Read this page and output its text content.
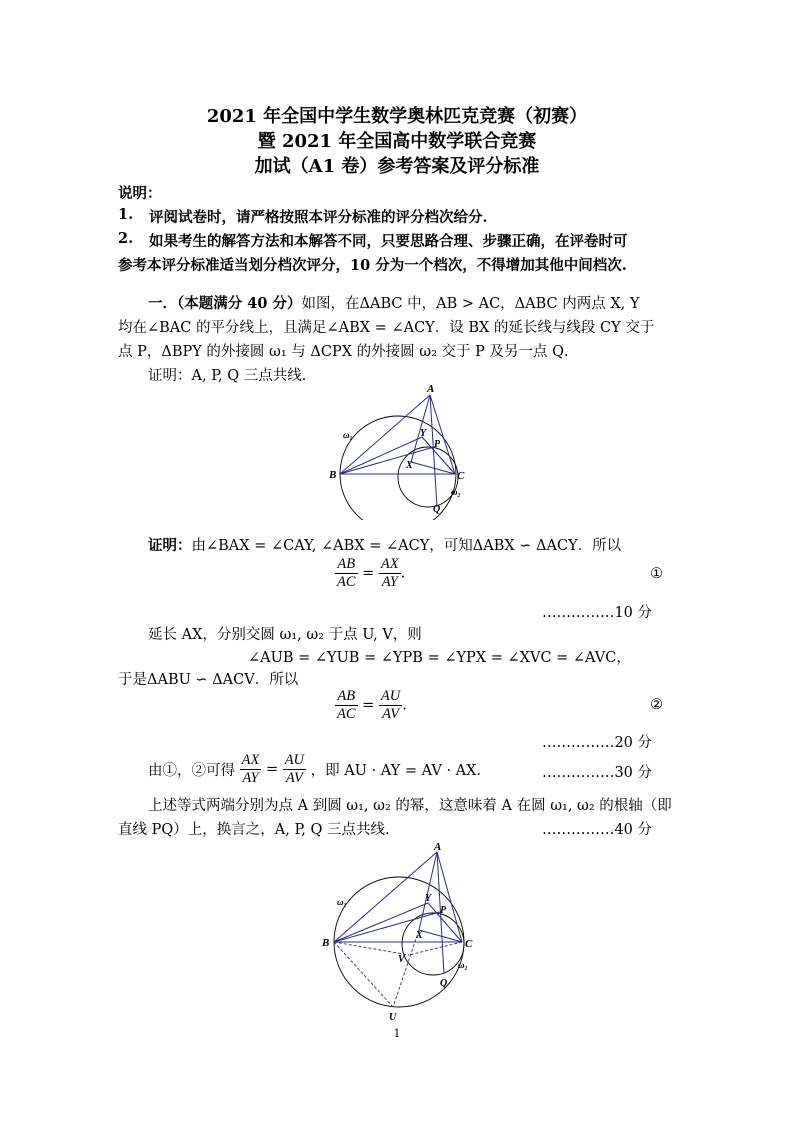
2021 年全国中学生数学奥林匹克竞赛（初赛）
暨 2021 年全国高中数学联合竞赛
加试（A1 卷）参考答案及评分标准
说明：
1. 评阅试卷时，请严格按照本评分标准的评分档次给分.
2. 如果考生的解答方法和本解答不同，只要思路合理、步骤正确，在评卷时可
参考本评分标准适当划分档次评分，10 分为一个档次，不得增加其他中间档次.
一．（本题满分 40 分）如图，在ΔABC 中，AB > AC，ΔABC 内两点 X, Y
均在∠BAC 的平分线上，且满足∠ABX = ∠ACY．设 BX 的延长线与线段 CY 交于
点 P，ΔBPY 的外接圆 ω₁ 与 ΔCPX 的外接圆 ω₂ 交于 P 及另一点 Q．
证明：A, P, Q 三点共线.
A
B	C
X
Y
P
Q
ω₁
ω₂
证明：由∠BAX = ∠CAY, ∠ABX = ∠ACY，可知ΔABX ∽ ΔACY．所以
$\frac{AB}{AC} = \frac{AX}{AY}$ .	①
……………10 分
延长 AX，分别交圆 ω₁, ω₂ 于点 U, V，则
∠AUB = ∠YUB = ∠YPB = ∠YPX = ∠XVC = ∠AVC，
于是ΔABU ∽ ΔACV．所以
$\frac{AB}{AC} = \frac{AU}{AV}$ .	②
……………20 分
由①，②可得 $\frac{AX}{AY} = \frac{AU}{AV}$ ，即 AU · AY = AV · AX．	……………30 分
上述等式两端分别为点 A 到圆 ω₁, ω₂ 的幂，这意味着 A 在圆 ω₁, ω₂ 的根轴（即
直线 PQ）上，换言之，A, P, Q 三点共线.	……………40 分
A
B	C
X
Y
P
Q
V
U
ω₁
ω₂
1
